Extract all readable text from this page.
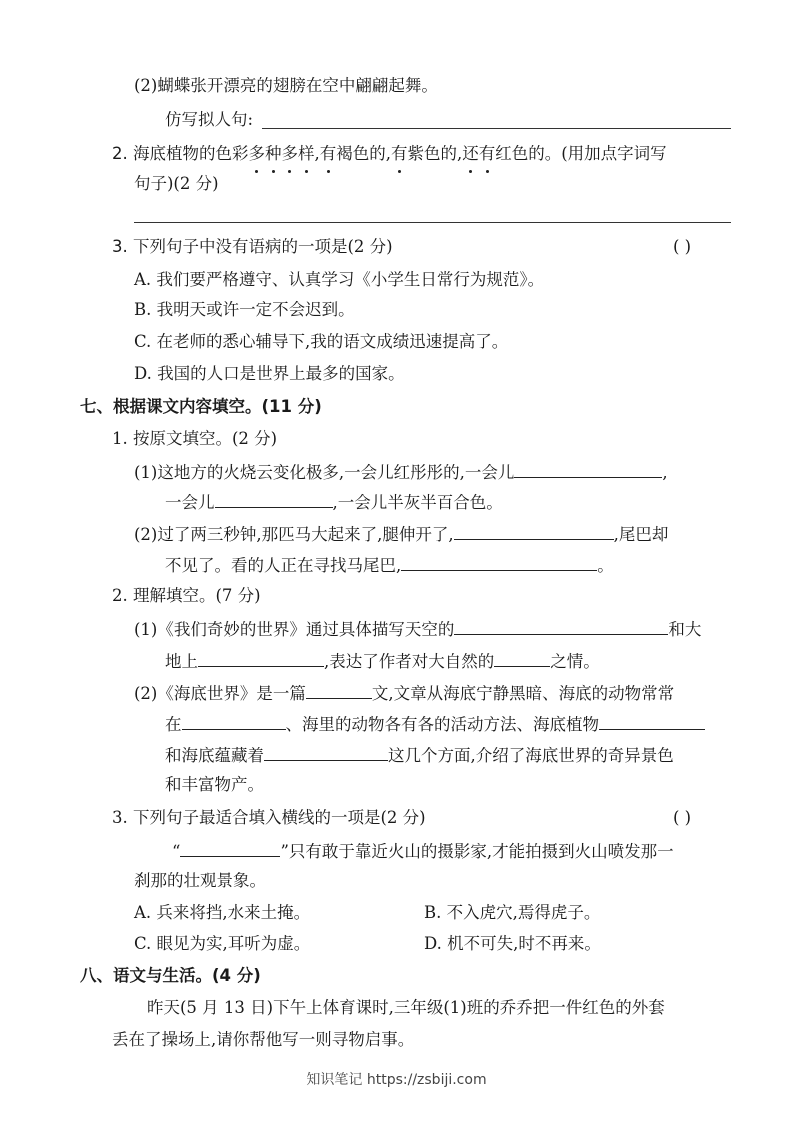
(2)蝴蝶张开漂亮的翅膀在空中翩翩起舞。
仿写拟人句:
2. 海底植物的色彩多种多样,有褐色的,有紫色的,还有红色的。(用加点字词写
句子)(2 分)
3. 下列句子中没有语病的一项是(2 分)	( )
A. 我们要严格遵守、认真学习《小学生日常行为规范》。
B. 我明天或许一定不会迟到。
C. 在老师的悉心辅导下,我的语文成绩迅速提高了。
D. 我国的人口是世界上最多的国家。
七、根据课文内容填空。(11 分)
1. 按原文填空。(2 分)
(1)这地方的火烧云变化极多,一会儿红彤彤的,一会儿	,
一会儿	,一会儿半灰半百合色。
(2)过了两三秒钟,那匹马大起来了,腿伸开了,	,尾巴却
不见了。看的人正在寻找马尾巴,	。
2. 理解填空。(7 分)
(1)《我们奇妙的世界》通过具体描写天空的	和大
地上	,表达了作者对大自然的	之情。
(2)《海底世界》是一篇	文,文章从海底宁静黑暗、海底的动物常常
在	、海里的动物各有各的活动方法、海底植物
和海底蕴藏着	这几个方面,介绍了海底世界的奇异景色
和丰富物产。
3. 下列句子最适合填入横线的一项是(2 分)	( )
“	”只有敢于靠近火山的摄影家,才能拍摄到火山喷发那一
刹那的壮观景象。
A. 兵来将挡,水来土掩。	B. 不入虎穴,焉得虎子。
C. 眼见为实,耳听为虚。	D. 机不可失,时不再来。
八、语文与生活。(4 分)
昨天(5 月 13 日)下午上体育课时,三年级(1)班的乔乔把一件红色的外套
丢在了操场上,请你帮他写一则寻物启事。
知识笔记 https://zsbiji.com
